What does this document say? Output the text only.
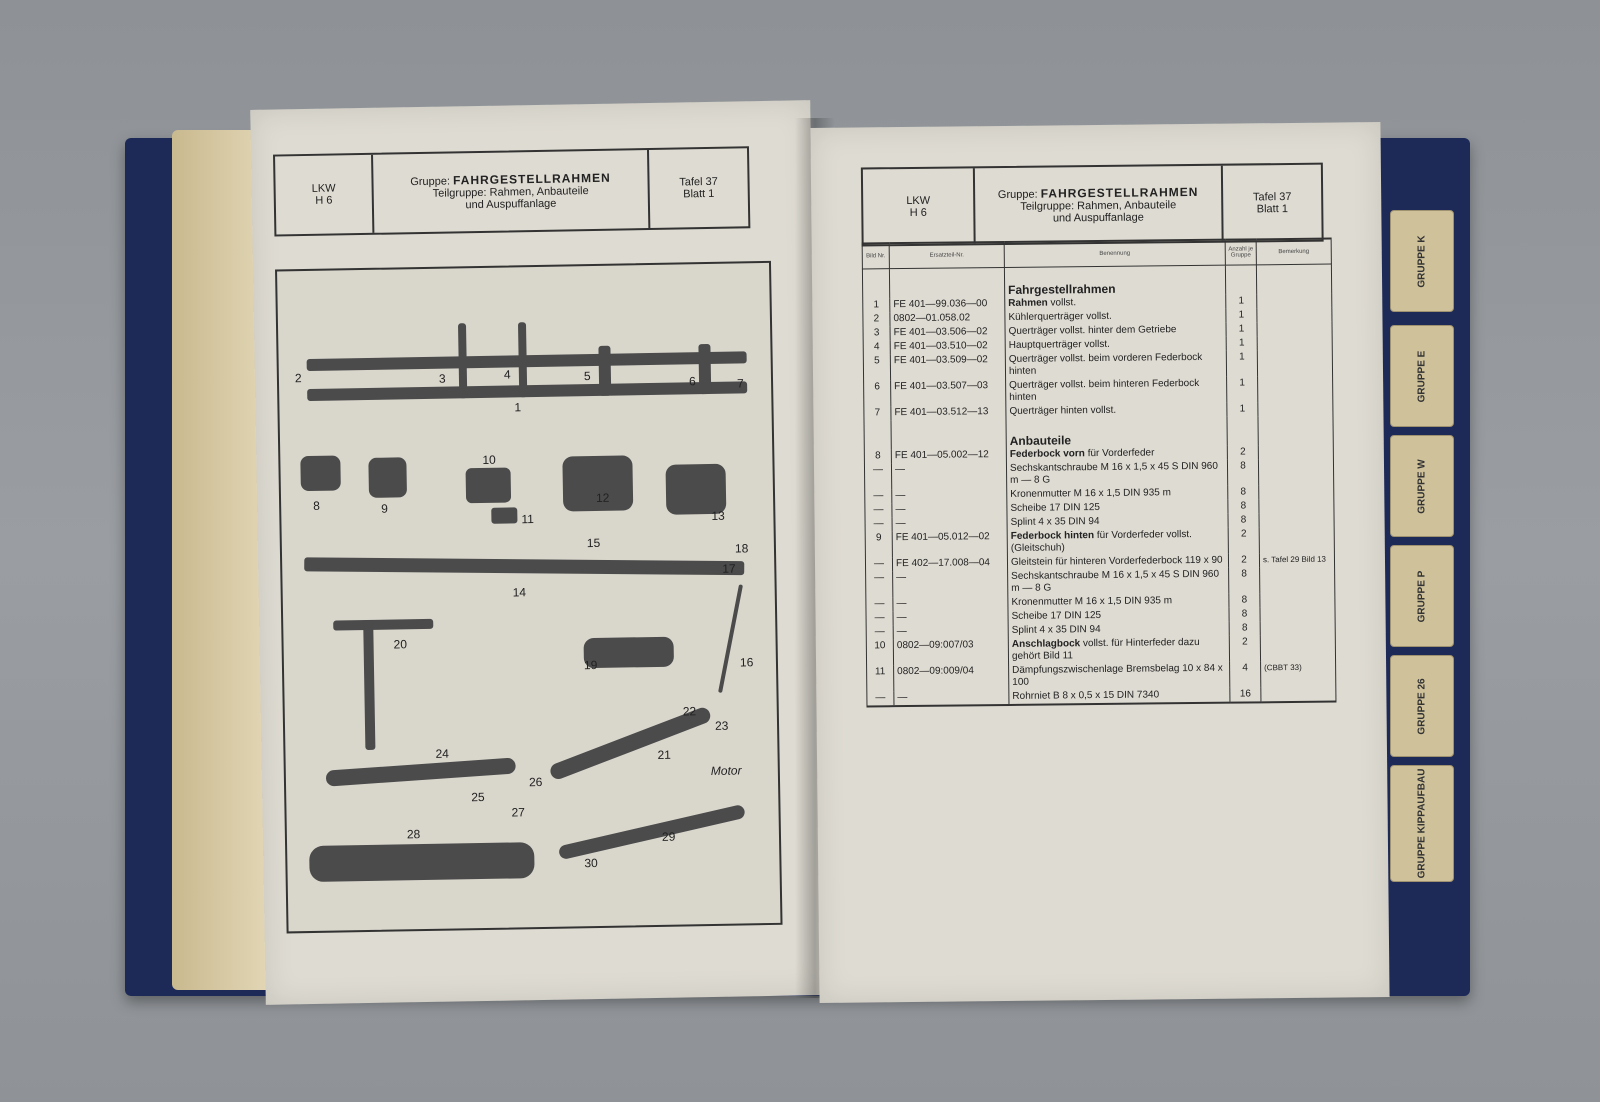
LKW
H 6
Gruppe: FAHRGESTELLRAHMEN
Teilgruppe: Rahmen, Anbauteile
und Auspuffanlage
Tafel 37
Blatt 1
1
2	3	4	5	6	7
8	9
10
11
12
13
14
15
16
17
18
19
20
21
22
23
24
25
26
27
28	29
30
Motor
LKW
H 6
Gruppe: FAHRGESTELLRAHMEN
Teilgruppe: Rahmen, Anbauteile
und Auspuffanlage
Tafel 37
Blatt 1
Bild Nr.	Ersatzteil-Nr.	Benennung	Anzahl je Gruppe	Bemerkung
		Fahrgestellrahmen		
1	FE 401—99.036—00	Rahmen vollst.	1	
2	0802—01.058.02	Kühlerquerträger vollst.	1	
3	FE 401—03.506—02	Querträger vollst. hinter dem Getriebe	1	
4	FE 401—03.510—02	Hauptquerträger vollst.	1	
5	FE 401—03.509—02	Querträger vollst. beim vorderen Federbock hinten	1	
6	FE 401—03.507—03	Querträger vollst. beim hinteren Federbock hinten	1	
7	FE 401—03.512—13	Querträger hinten vollst.	1	
		Anbauteile		
8	FE 401—05.002—12	Federbock vorn für Vorderfeder	2	
—	—	Sechskantschraube M 16 x 1,5 x 45 S DIN 960 m — 8 G	8	
—	—	Kronenmutter M 16 x 1,5 DIN 935 m	8	
—	—	Scheibe 17 DIN 125	8	
—	—	Splint 4 x 35 DIN 94	8	
9	FE 401—05.012—02	Federbock hinten für Vorderfeder vollst. (Gleitschuh)	2	
—	FE 402—17.008—04	Gleitstein für hinteren Vorderfederbock 119 x 90	2	s. Tafel 29 Bild 13
—	—	Sechskantschraube M 16 x 1,5 x 45 S DIN 960 m — 8 G	8	
—	—	Kronenmutter M 16 x 1,5 DIN 935 m	8	
—	—	Scheibe 17 DIN 125	8	
—	—	Splint 4 x 35 DIN 94	8	
10	0802—09:007/03	Anschlagbock vollst. für Hinterfeder dazu gehört Bild 11	2	
11	0802—09:009/04	Dämpfungszwischenlage Bremsbelag 10 x 84 x 100	4	(CBBT 33)
—	—	Rohrniet B 8 x 0,5 x 15 DIN 7340	16	
GRUPPE K
GRUPPE E
GRUPPE W
GRUPPE P
GRUPPE 26
GRUPPE KIPPAUFBAU
